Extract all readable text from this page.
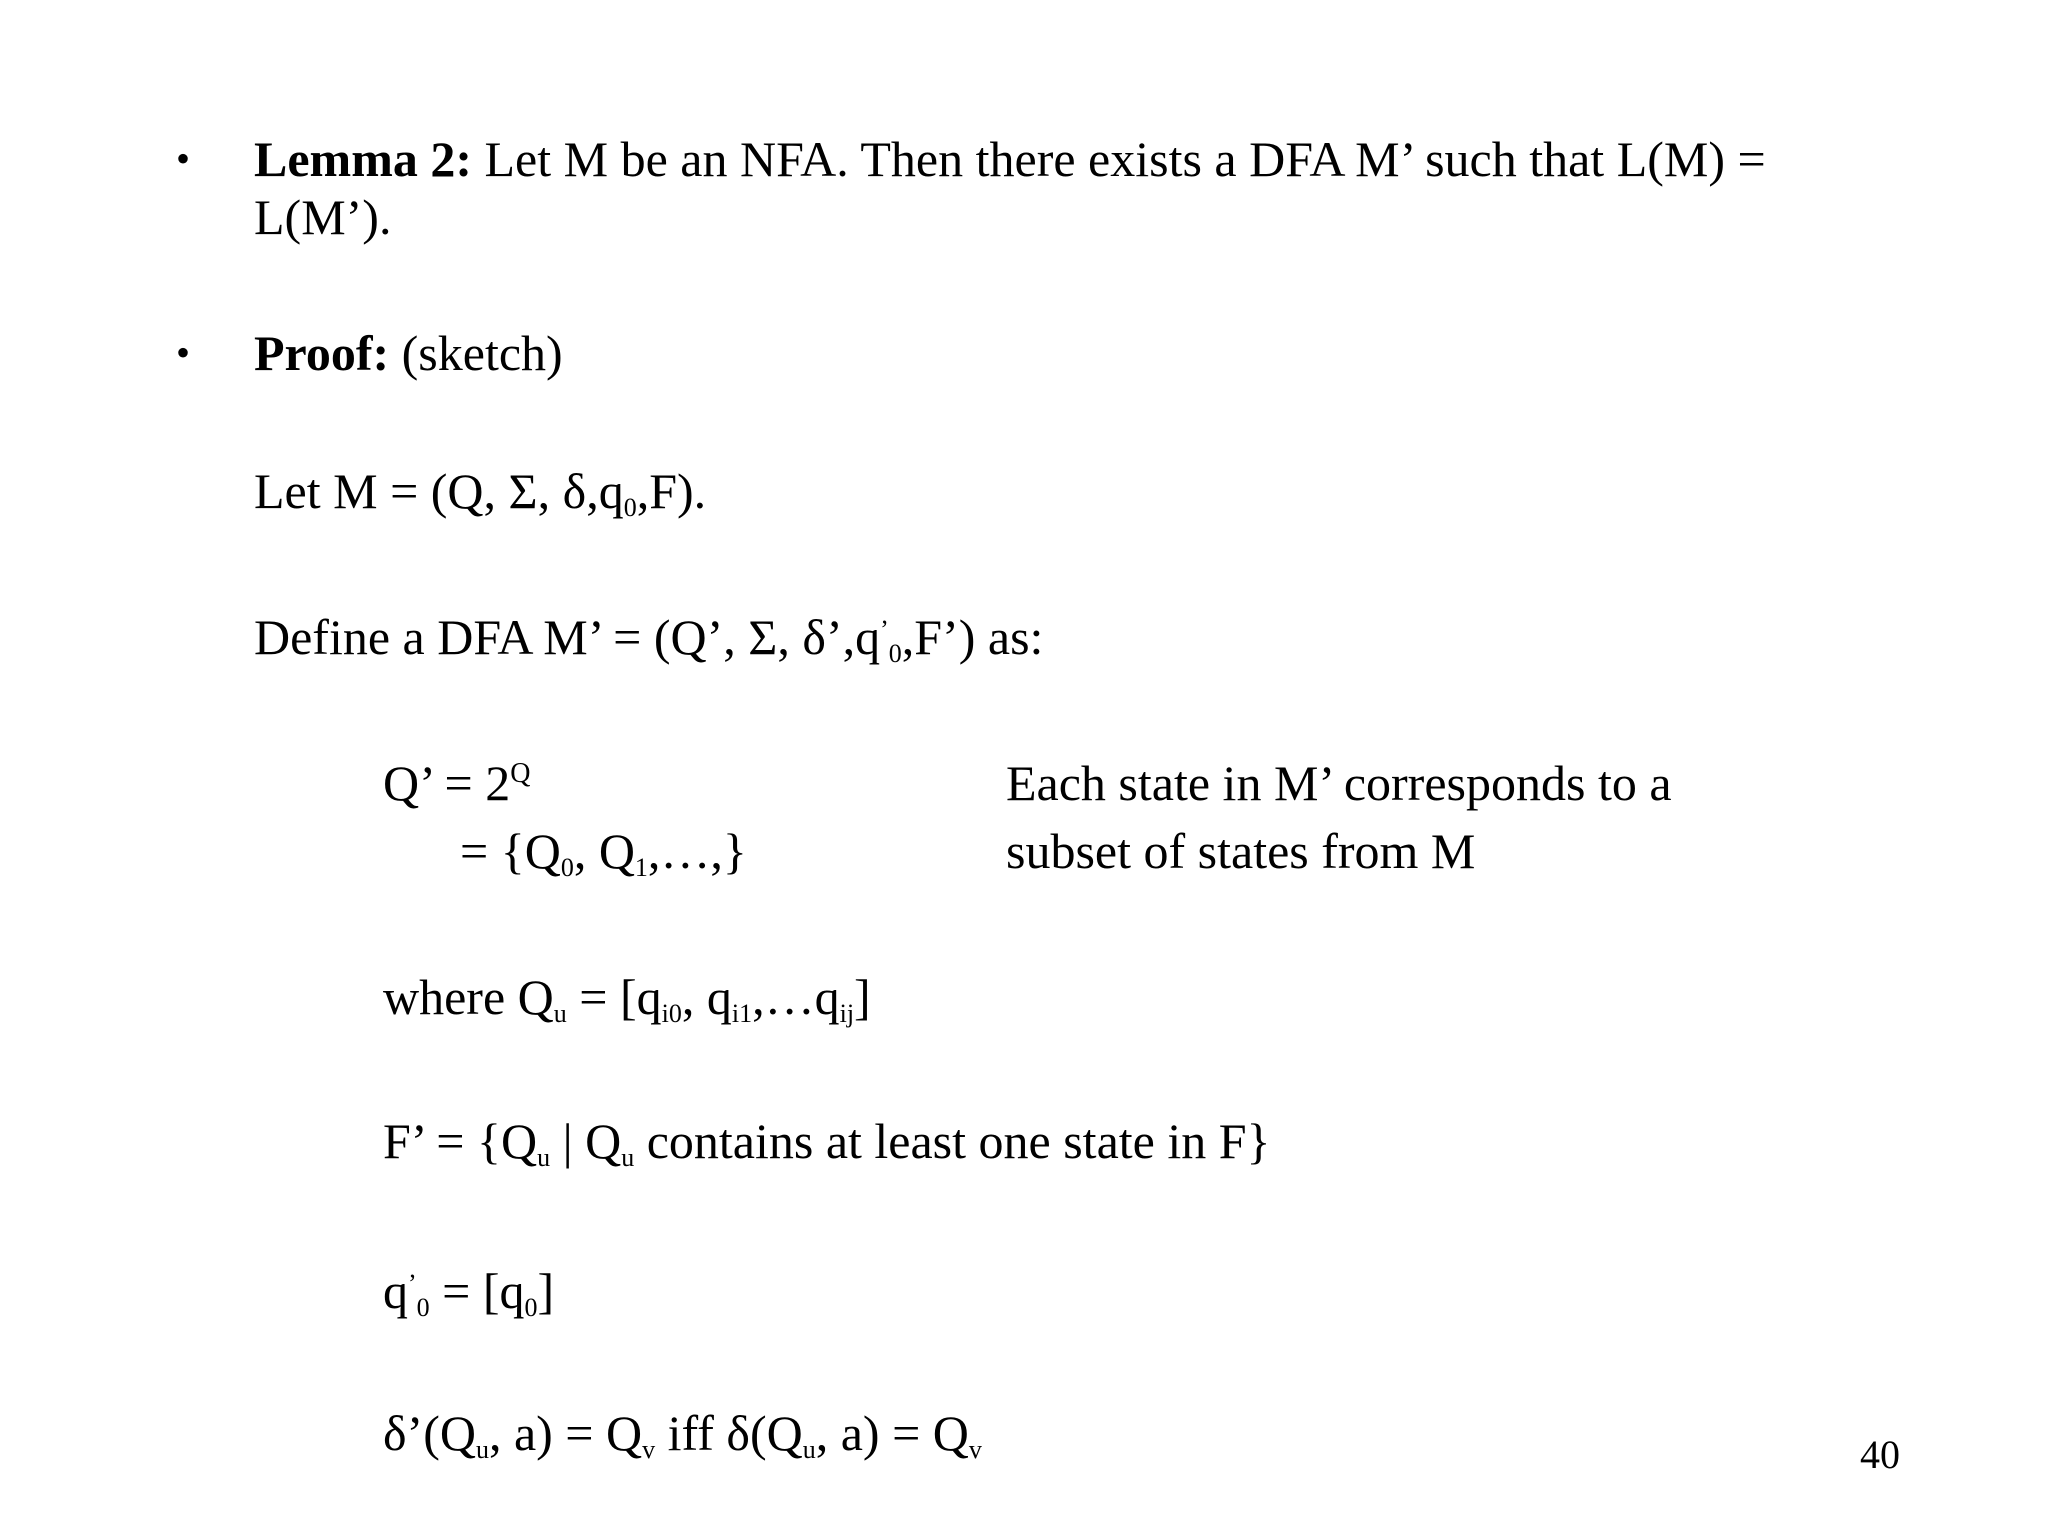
• Lemma 2: Let M be an NFA. Then there exists a DFA M’ such that L(M) =
L(M’).
• Proof: (sketch)
Let M = (Q, Σ, $\delta,q_0,F$).
Define a DFA M’ = (Q’, Σ, $\delta’,q^’_0,F$’) as:
Q’ = $2^Q$
= {$Q_0$, $Q_1,\dots$,}
Each state in M’ corresponds to a
subset of states from M
where $Q_u = [q_{i0}$, $q_{i1},\dots q_{ij}$]
F’ = {$Q_u$ | $Q_u$ contains at least one state in F}
$q^’_0 = [q_0]$
$\delta’(Q_u$, $a) = Q_v$ iff $\delta(Q_u$, $a) = Q_v$	40
